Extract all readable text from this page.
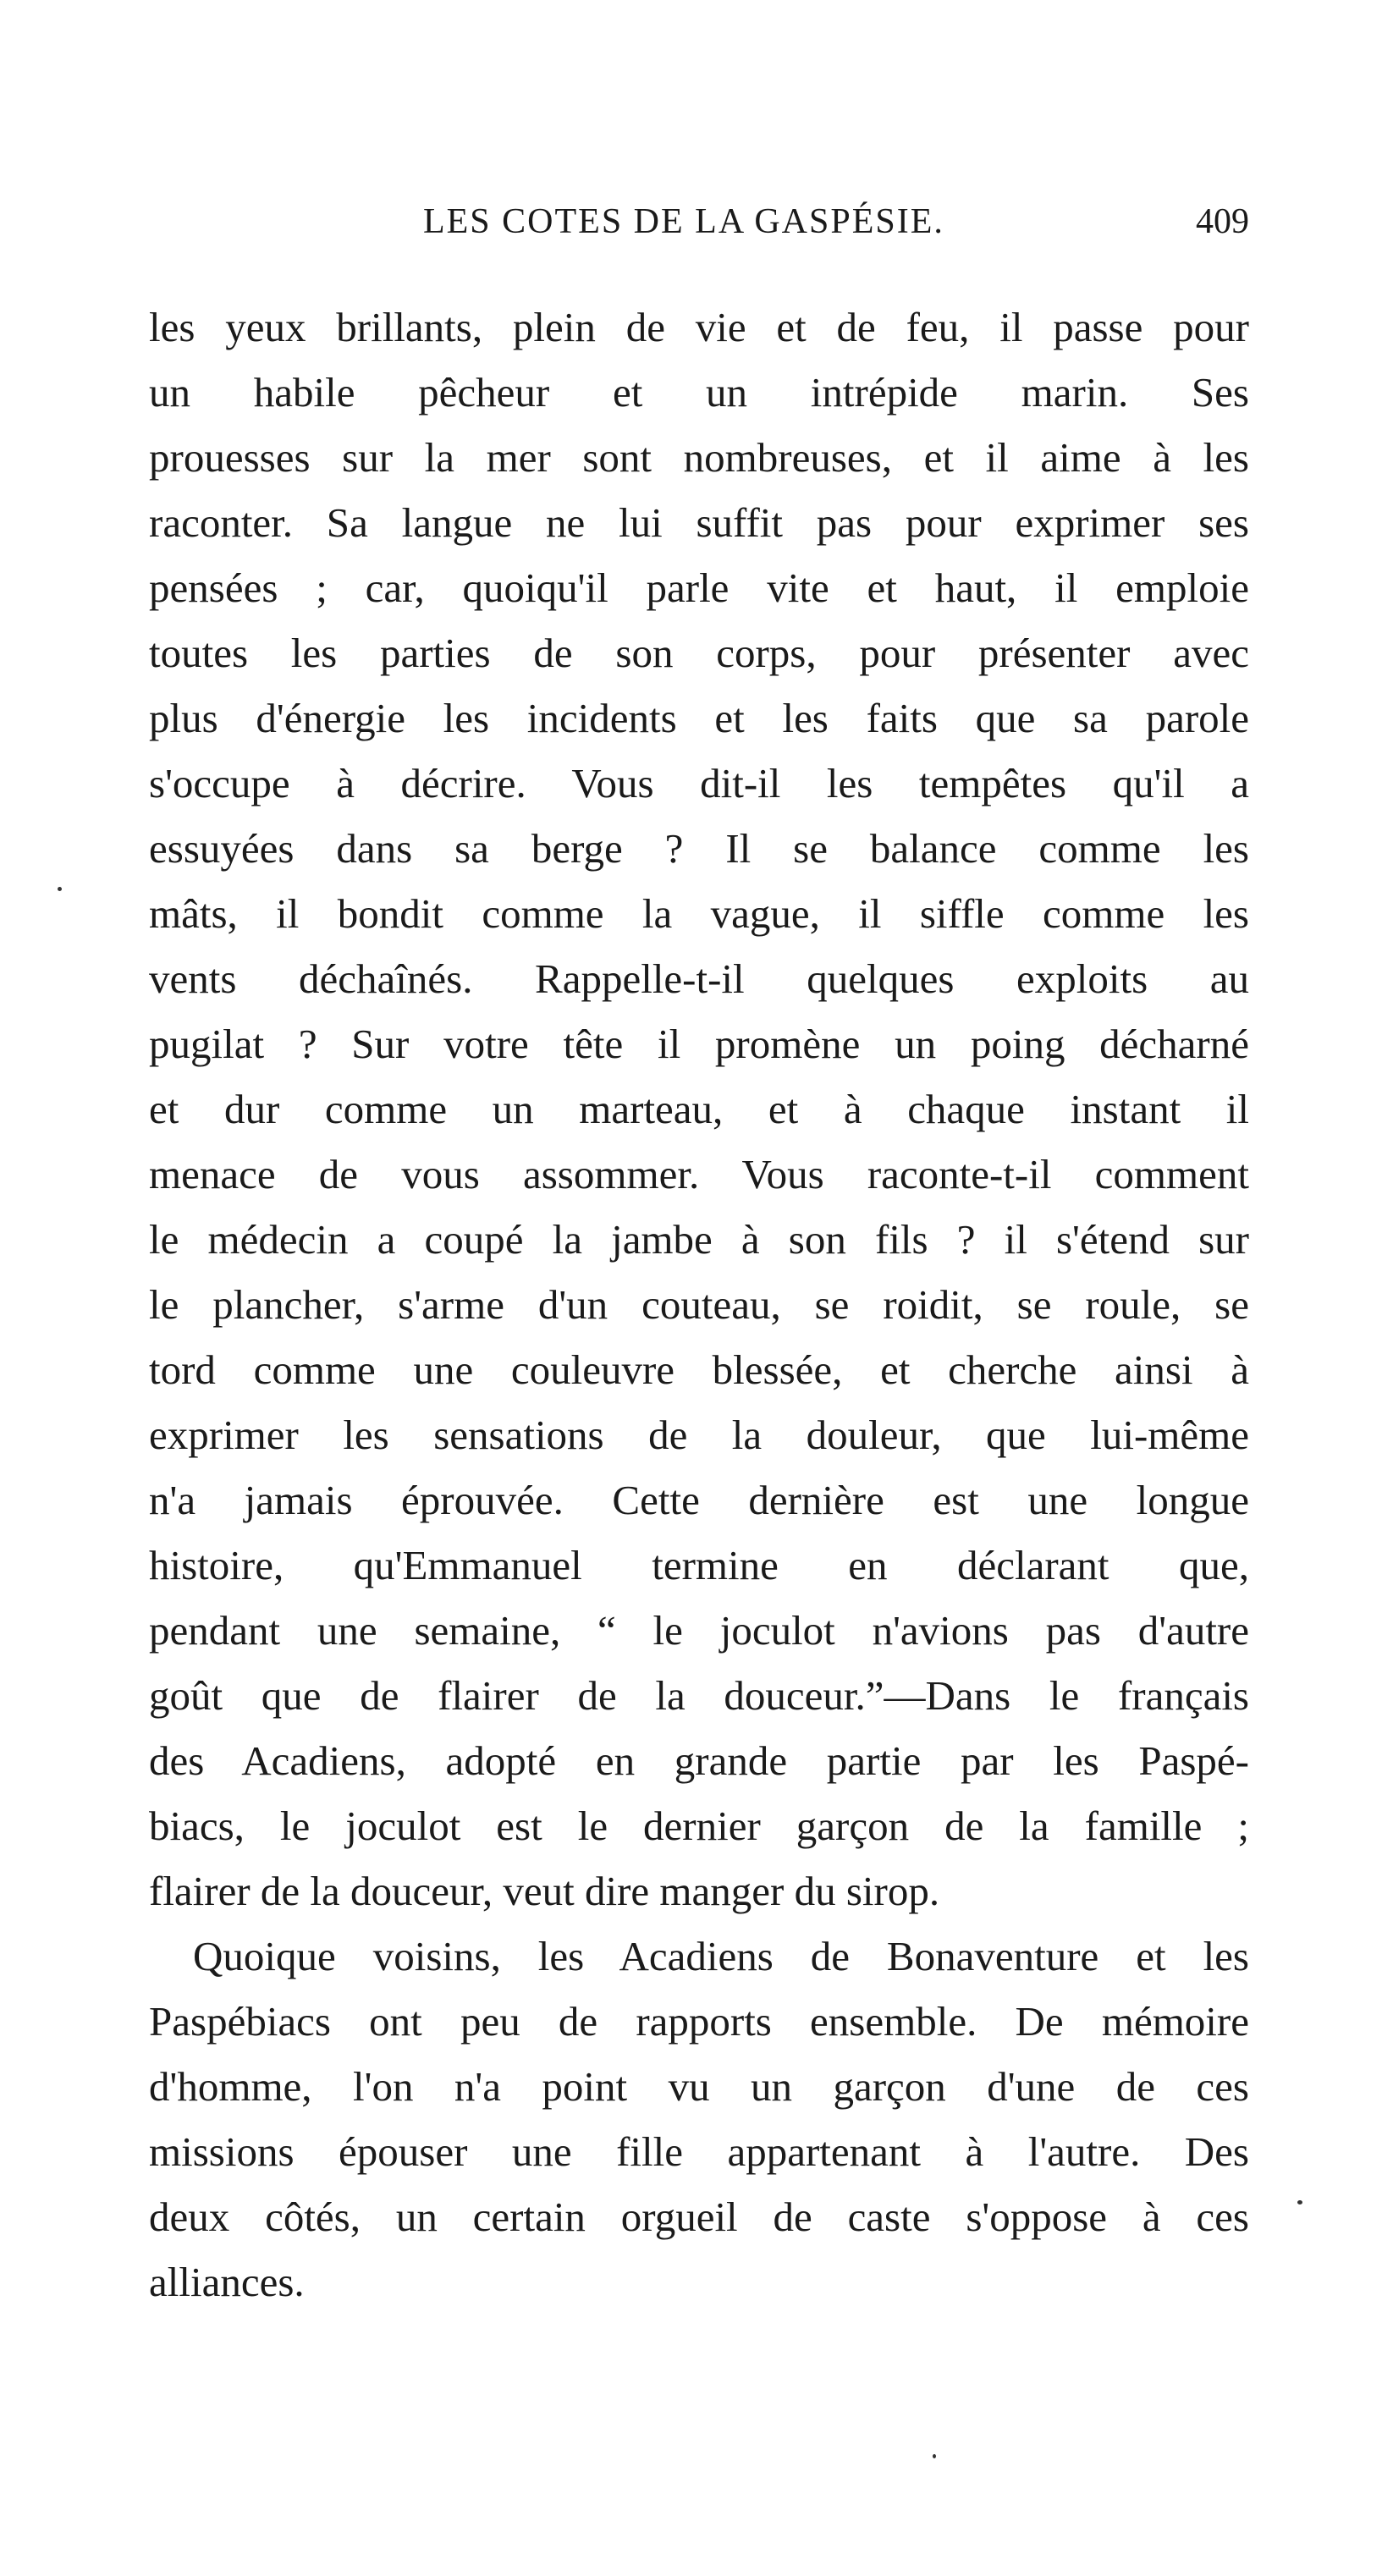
LES COTES DE LA GASPÉSIE.	409
les yeux brillants, plein de vie et de feu, il passe pour
un habile pêcheur et un intrépide marin. Ses
prouesses sur la mer sont nombreuses, et il aime à les
raconter. Sa langue ne lui suffit pas pour exprimer ses
pensées ; car, quoiqu'il parle vite et haut, il emploie
toutes les parties de son corps, pour présenter avec
plus d'énergie les incidents et les faits que sa parole
s'occupe à décrire. Vous dit-il les tempêtes qu'il a
essuyées dans sa berge ? Il se balance comme les
mâts, il bondit comme la vague, il siffle comme les
vents déchaînés. Rappelle-t-il quelques exploits au
pugilat ? Sur votre tête il promène un poing décharné
et dur comme un marteau, et à chaque instant il
menace de vous assommer. Vous raconte-t-il comment
le médecin a coupé la jambe à son fils ? il s'étend sur
le plancher, s'arme d'un couteau, se roidit, se roule, se
tord comme une couleuvre blessée, et cherche ainsi à
exprimer les sensations de la douleur, que lui-même
n'a jamais éprouvée. Cette dernière est une longue
histoire, qu'Emmanuel termine en déclarant que,
pendant une semaine, “ le joculot n'avions pas d'autre
goût que de flairer de la douceur.”—Dans le français
des Acadiens, adopté en grande partie par les Paspé-
biacs, le joculot est le dernier garçon de la famille ;
flairer de la douceur, veut dire manger du sirop.
Quoique voisins, les Acadiens de Bonaventure et les
Paspébiacs ont peu de rapports ensemble. De mémoire
d'homme, l'on n'a point vu un garçon d'une de ces
missions épouser une fille appartenant à l'autre. Des
deux côtés, un certain orgueil de caste s'oppose à ces
alliances.
